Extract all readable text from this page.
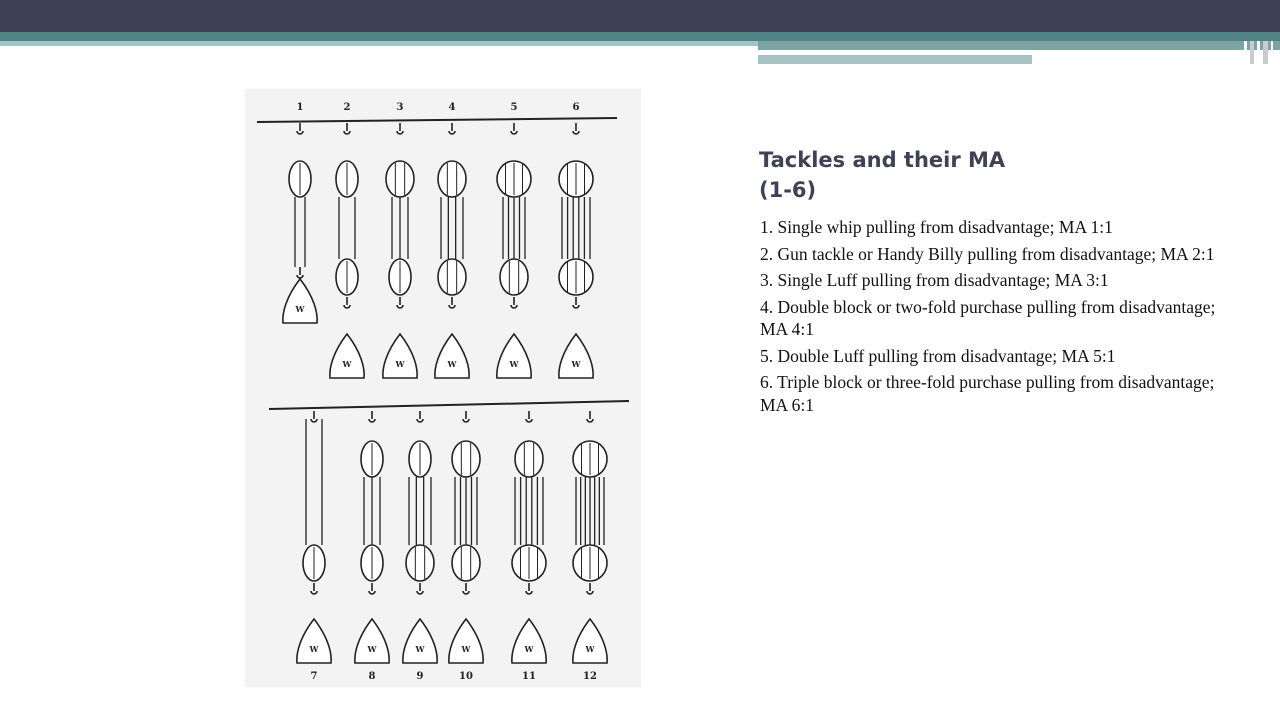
Tackles and their MA
(1-6)
1. Single whip pulling from disadvantage; MA 1:1
2. Gun tackle or Handy Billy pulling from disadvantage; MA 2:1
3. Single Luff pulling from disadvantage; MA 3:1
4. Double block or two-fold purchase pulling from disadvantage; MA 4:1
5. Double Luff pulling from disadvantage; MA 5:1
6. Triple block or three-fold purchase pulling from disadvantage; MA 6:1
1	2	3	4	5	6
W
W	W	W	W	W
W	W	W	W	W	W
7	8	9	10	11	12
